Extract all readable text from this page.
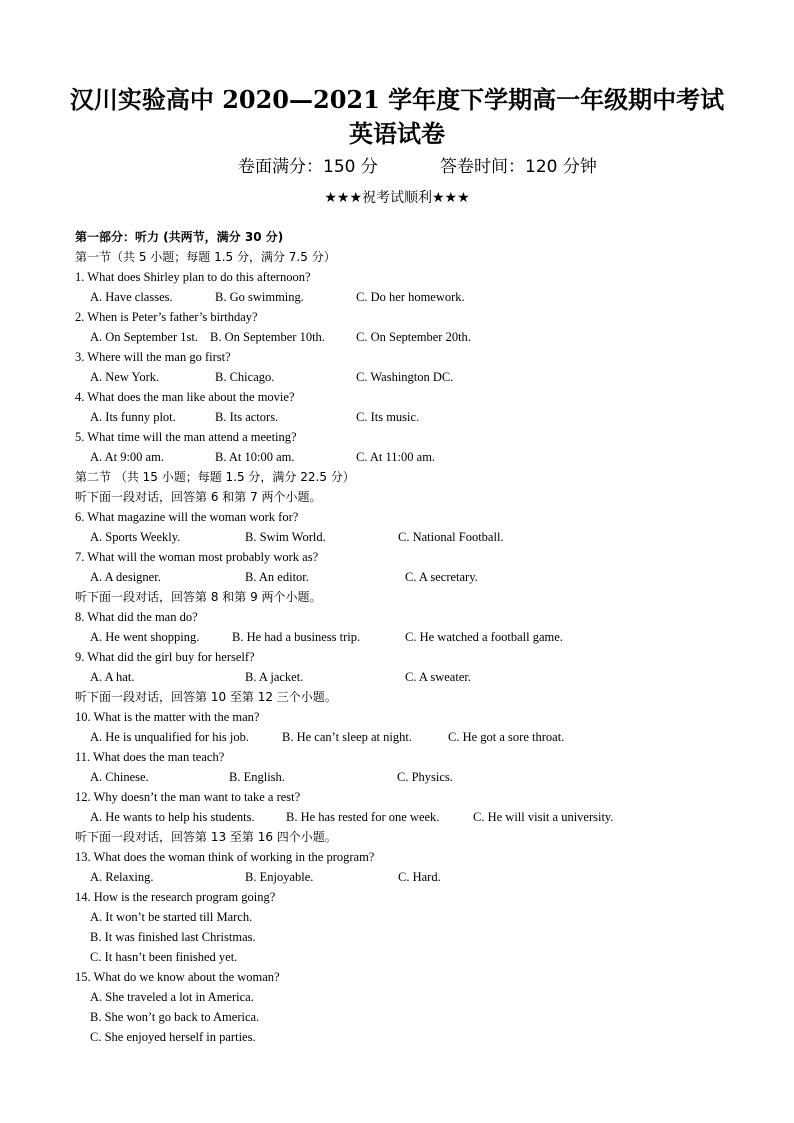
汉川实验高中 2020—2021 学年度下学期高一年级期中考试
英语试卷
卷面满分：150 分	答卷时间：120 分钟
★★★祝考试顺利★★★
第一部分：听力 (共两节，满分 30 分)
第一节（共 5 小题；每题 1.5 分，满分 7.5 分）
1. What does Shirley plan to do this afternoon?
A. Have classes.	B. Go swimming.	C. Do her homework.
2. When is Peter’s father’s birthday?
A. On September 1st. B. On September 10th. C. On September 20th.
3. Where will the man go first?
A. New York.	B. Chicago.	C. Washington DC.
4. What does the man like about the movie?
A. Its funny plot.	B. Its actors.	C. Its music.
5. What time will the man attend a meeting?
A. At 9:00 am.	B. At 10:00 am.	C. At 11:00 am.
第二节 （共 15 小题；每题 1.5 分，满分 22.5 分）
听下面一段对话，回答第 6 和第 7 两个小题。
6. What magazine will the woman work for?
A. Sports Weekly.	B. Swim World.	C. National Football.
7. What will the woman most probably work as?
A. A designer.	B. An editor.	C. A secretary.
听下面一段对话，回答第 8 和第 9 两个小题。
8. What did the man do?
A. He went shopping.	B. He had a business trip.	C. He watched a football game.
9. What did the girl buy for herself?
A. A hat.	B. A jacket.	C. A sweater.
听下面一段对话，回答第 10 至第 12 三个小题。
10. What is the matter with the man?
A. He is unqualified for his job.	B. He can’t sleep at night.	C. He got a sore throat.
11. What does the man teach?
A. Chinese.	B. English.	C. Physics.
12. Why doesn’t the man want to take a rest?
A. He wants to help his students.	B. He has rested for one week.	C. He will visit a university.
听下面一段对话，回答第 13 至第 16 四个小题。
13. What does the woman think of working in the program?
A. Relaxing.	B. Enjoyable.	C. Hard.
14. How is the research program going?
A. It won’t be started till March.
B. It was finished last Christmas.
C. It hasn’t been finished yet.
15. What do we know about the woman?
A. She traveled a lot in America.
B. She won’t go back to America.
C. She enjoyed herself in parties.
